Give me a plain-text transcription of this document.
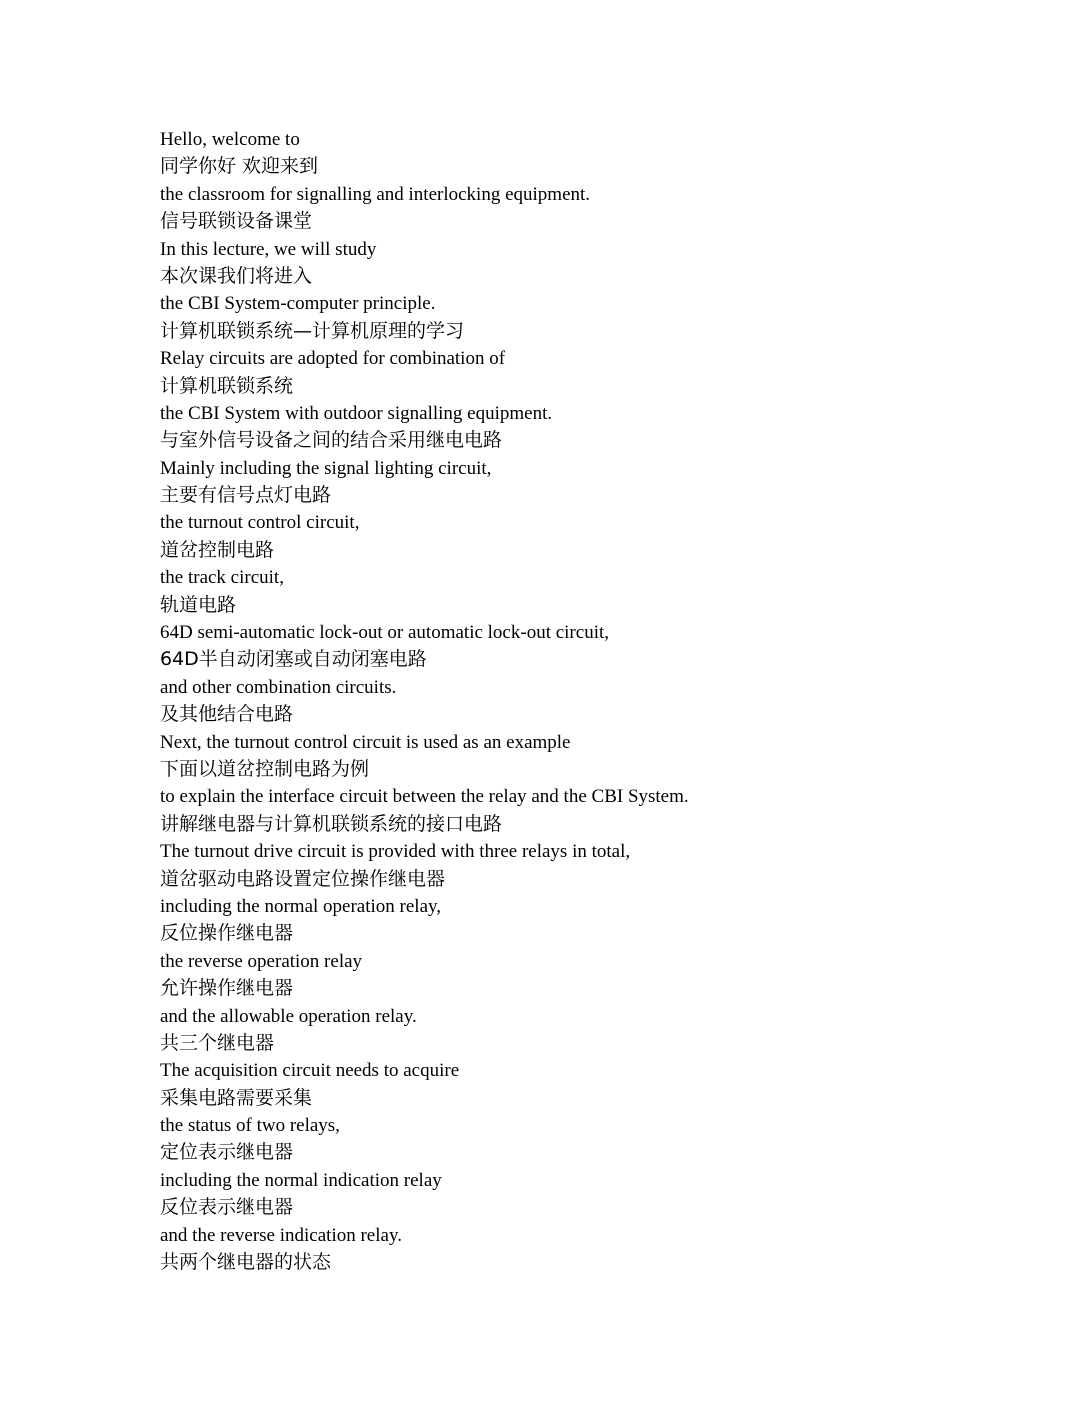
Hello, welcome to
同学你好 欢迎来到
the classroom for signalling and interlocking equipment.
信号联锁设备课堂
In this lecture, we will study
本次课我们将进入
the CBI System-computer principle.
计算机联锁系统—计算机原理的学习
Relay circuits are adopted for combination of
计算机联锁系统
the CBI System with outdoor signalling equipment.
与室外信号设备之间的结合采用继电电路
Mainly including the signal lighting circuit,
主要有信号点灯电路
the turnout control circuit,
道岔控制电路
the track circuit,
轨道电路
64D semi-automatic lock-out or automatic lock-out circuit,
64D半自动闭塞或自动闭塞电路
and other combination circuits.
及其他结合电路
Next, the turnout control circuit is used as an example
下面以道岔控制电路为例
to explain the interface circuit between the relay and the CBI System.
讲解继电器与计算机联锁系统的接口电路
The turnout drive circuit is provided with three relays in total,
道岔驱动电路设置定位操作继电器
including the normal operation relay,
反位操作继电器
the reverse operation relay
允许操作继电器
and the allowable operation relay.
共三个继电器
The acquisition circuit needs to acquire
采集电路需要采集
the status of two relays,
定位表示继电器
including the normal indication relay
反位表示继电器
and the reverse indication relay.
共两个继电器的状态
